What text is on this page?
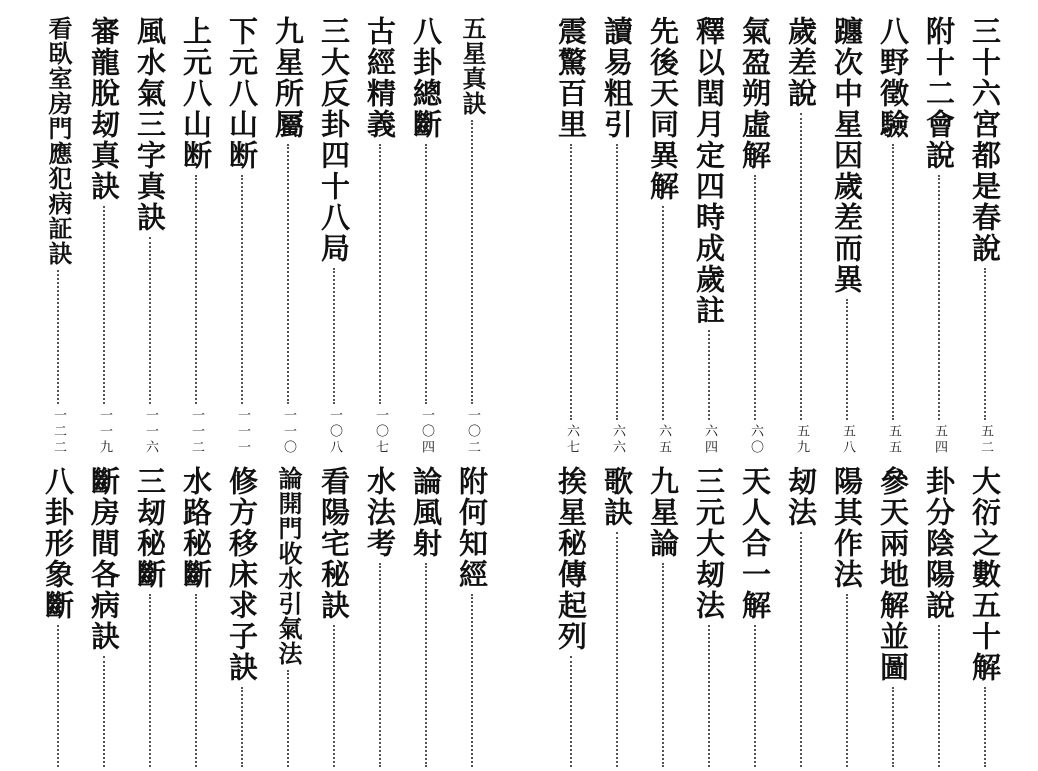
五星真訣
一〇二
八卦總斷
一〇四
古經精義
一〇七
三大反卦四十八局
一〇八
九星所屬
一一〇
下元八山断
一一一
上元八山断
一一二
風水氣三字真訣
一一六
審龍脫刼真訣
一一九
看臥室房門應犯病証訣
一二二
附何知經
論風射
水法考
看陽宅秘訣
論開門收水引氣法
修方移床求子訣
水路秘斷
三刼秘斷
斷房間各病訣
八卦形象斷
三十六宮都是春說
五二
附十二會說
五四
八野徵驗
五五
躔次中星因歲差而異
五八
歲差說
五九
氣盈朔虛解
六〇
釋以閏月定四時成歲註
六四
先後天同異解
六五
讀易粗引
六六
震驚百里
六七
大衍之數五十解
卦分陰陽說
參天兩地解並圖
陽其作法
刼法
天人合一解
三元大刼法
九星論
歌訣
挨星秘傳起列
